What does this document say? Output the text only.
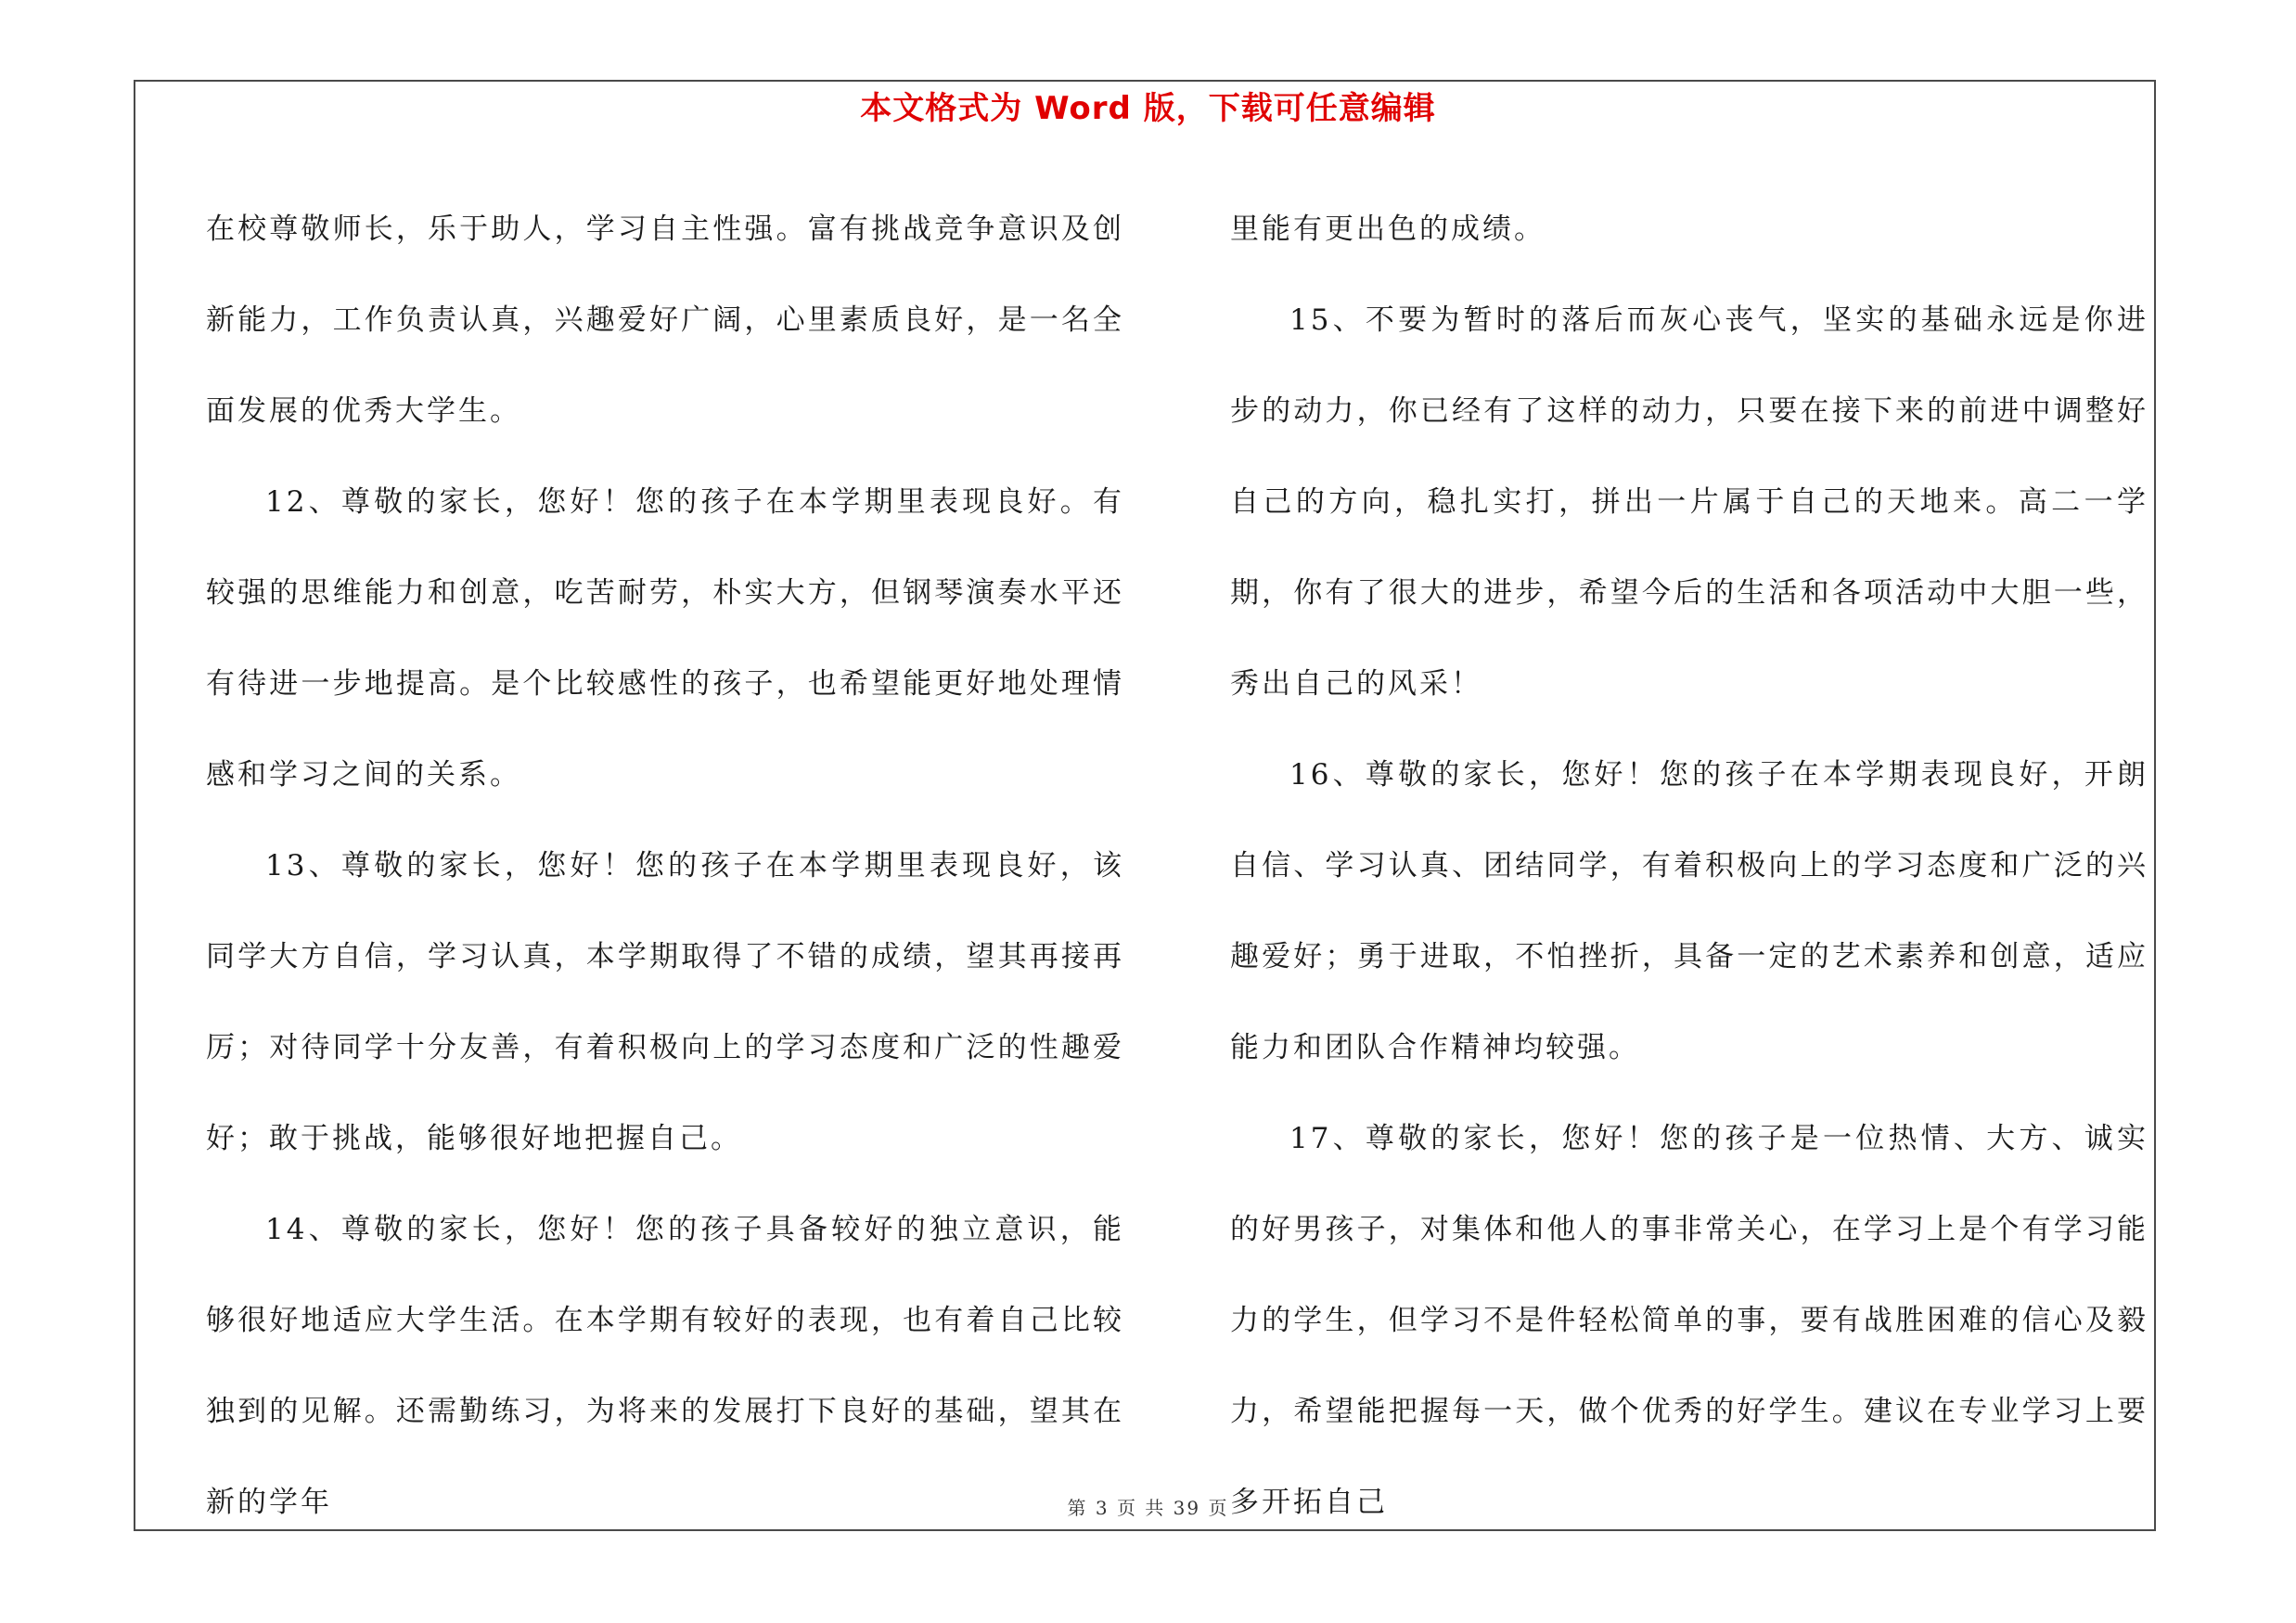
本文格式为 Word 版，下载可任意编辑

在校尊敬师长，乐于助人，学习自主性强。富有挑战竞争意识及创新能力，工作负责认真，兴趣爱好广阔，心里素质良好，是一名全面发展的优秀大学生。

12、尊敬的家长，您好！您的孩子在本学期里表现良好。有较强的思维能力和创意，吃苦耐劳，朴实大方，但钢琴演奏水平还有待进一步地提高。是个比较感性的孩子，也希望能更好地处理情感和学习之间的关系。

13、尊敬的家长，您好！您的孩子在本学期里表现良好，该同学大方自信，学习认真，本学期取得了不错的成绩，望其再接再厉；对待同学十分友善，有着积极向上的学习态度和广泛的性趣爱好；敢于挑战，能够很好地把握自己。

14、尊敬的家长，您好！您的孩子具备较好的独立意识，能够很好地适应大学生活。在本学期有较好的表现，也有着自己比较独到的见解。还需勤练习，为将来的发展打下良好的基础，望其在新的学年

里能有更出色的成绩。

15、不要为暂时的落后而灰心丧气，坚实的基础永远是你进步的动力，你已经有了这样的动力，只要在接下来的前进中调整好自己的方向，稳扎实打，拼出一片属于自己的天地来。高二一学期，你有了很大的进步，希望今后的生活和各项活动中大胆一些，秀出自己的风采！

16、尊敬的家长，您好！您的孩子在本学期表现良好，开朗自信、学习认真、团结同学，有着积极向上的学习态度和广泛的兴趣爱好；勇于进取，不怕挫折，具备一定的艺术素养和创意，适应能力和团队合作精神均较强。

17、尊敬的家长，您好！您的孩子是一位热情、大方、诚实的好男孩子，对集体和他人的事非常关心，在学习上是个有学习能力的学生，但学习不是件轻松简单的事，要有战胜困难的信心及毅力，希望能把握每一天，做个优秀的好学生。建议在专业学习上要多开拓自己

第 3 页 共 39 页
